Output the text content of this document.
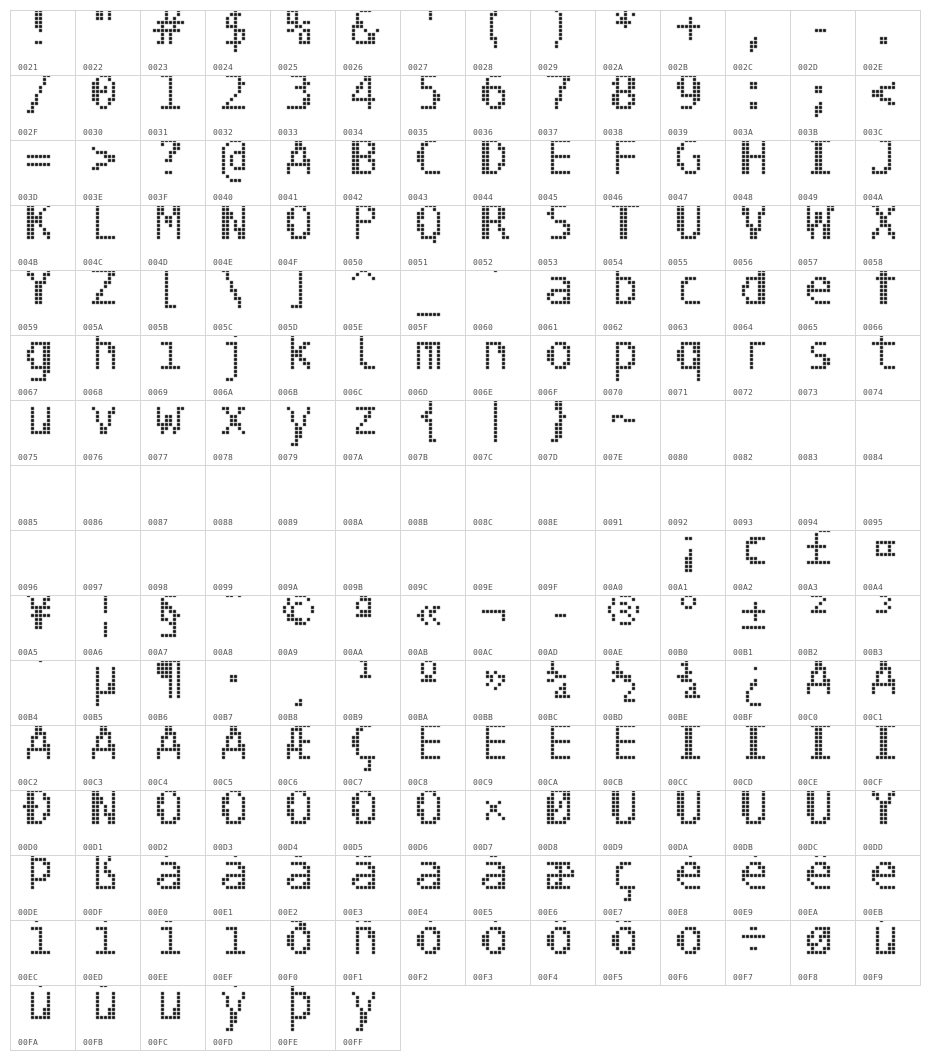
0021	0022	0023	0024	0025	0026	0027	0028	0029	002A	002B	002C	002D	002E
002F	0030	0031	0032	0033	0034	0035	0036	0037	0038	0039	003A	003B	003C
003D	003E	003F	0040	0041	0042	0043	0044	0045	0046	0047	0048	0049	004A
004B	004C	004D	004E	004F	0050	0051	0052	0053	0054	0055	0056	0057	0058
0059	005A	005B	005C	005D	005E	005F	0060	0061	0062	0063	0064	0065	0066
0067	0068	0069	006A	006B	006C	006D	006E	006F	0070	0071	0072	0073	0074
0075	0076	0077	0078	0079	007A	007B	007C	007D	007E	0080	0082	0083	0084
0085	0086	0087	0088	0089	008A	008B	008C	008E	0091	0092	0093	0094	0095
0096	0097	0098	0099	009A	009B	009C	009E	009F	00A0	00A1	00A2	00A3	00A4
00A5	00A6	00A7	00A8	00A9	00AA	00AB	00AC	00AD	00AE	00B0	00B1	00B2	00B3
00B4	00B5	00B6	00B7	00B8	00B9	00BA	00BB	00BC	00BD	00BE	00BF	00C0	00C1
00C2	00C3	00C4	00C5	00C6	00C7	00C8	00C9	00CA	00CB	00CC	00CD	00CE	00CF
00D0	00D1	00D2	00D3	00D4	00D5	00D6	00D7	00D8	00D9	00DA	00DB	00DC	00DD
00DE	00DF	00E0	00E1	00E2	00E3	00E4	00E5	00E6	00E7	00E8	00E9	00EA	00EB
00EC	00ED	00EE	00EF	00F0	00F1	00F2	00F3	00F4	00F5	00F6	00F7	00F8	00F9
00FA	00FB	00FC	00FD	00FE	00FF
